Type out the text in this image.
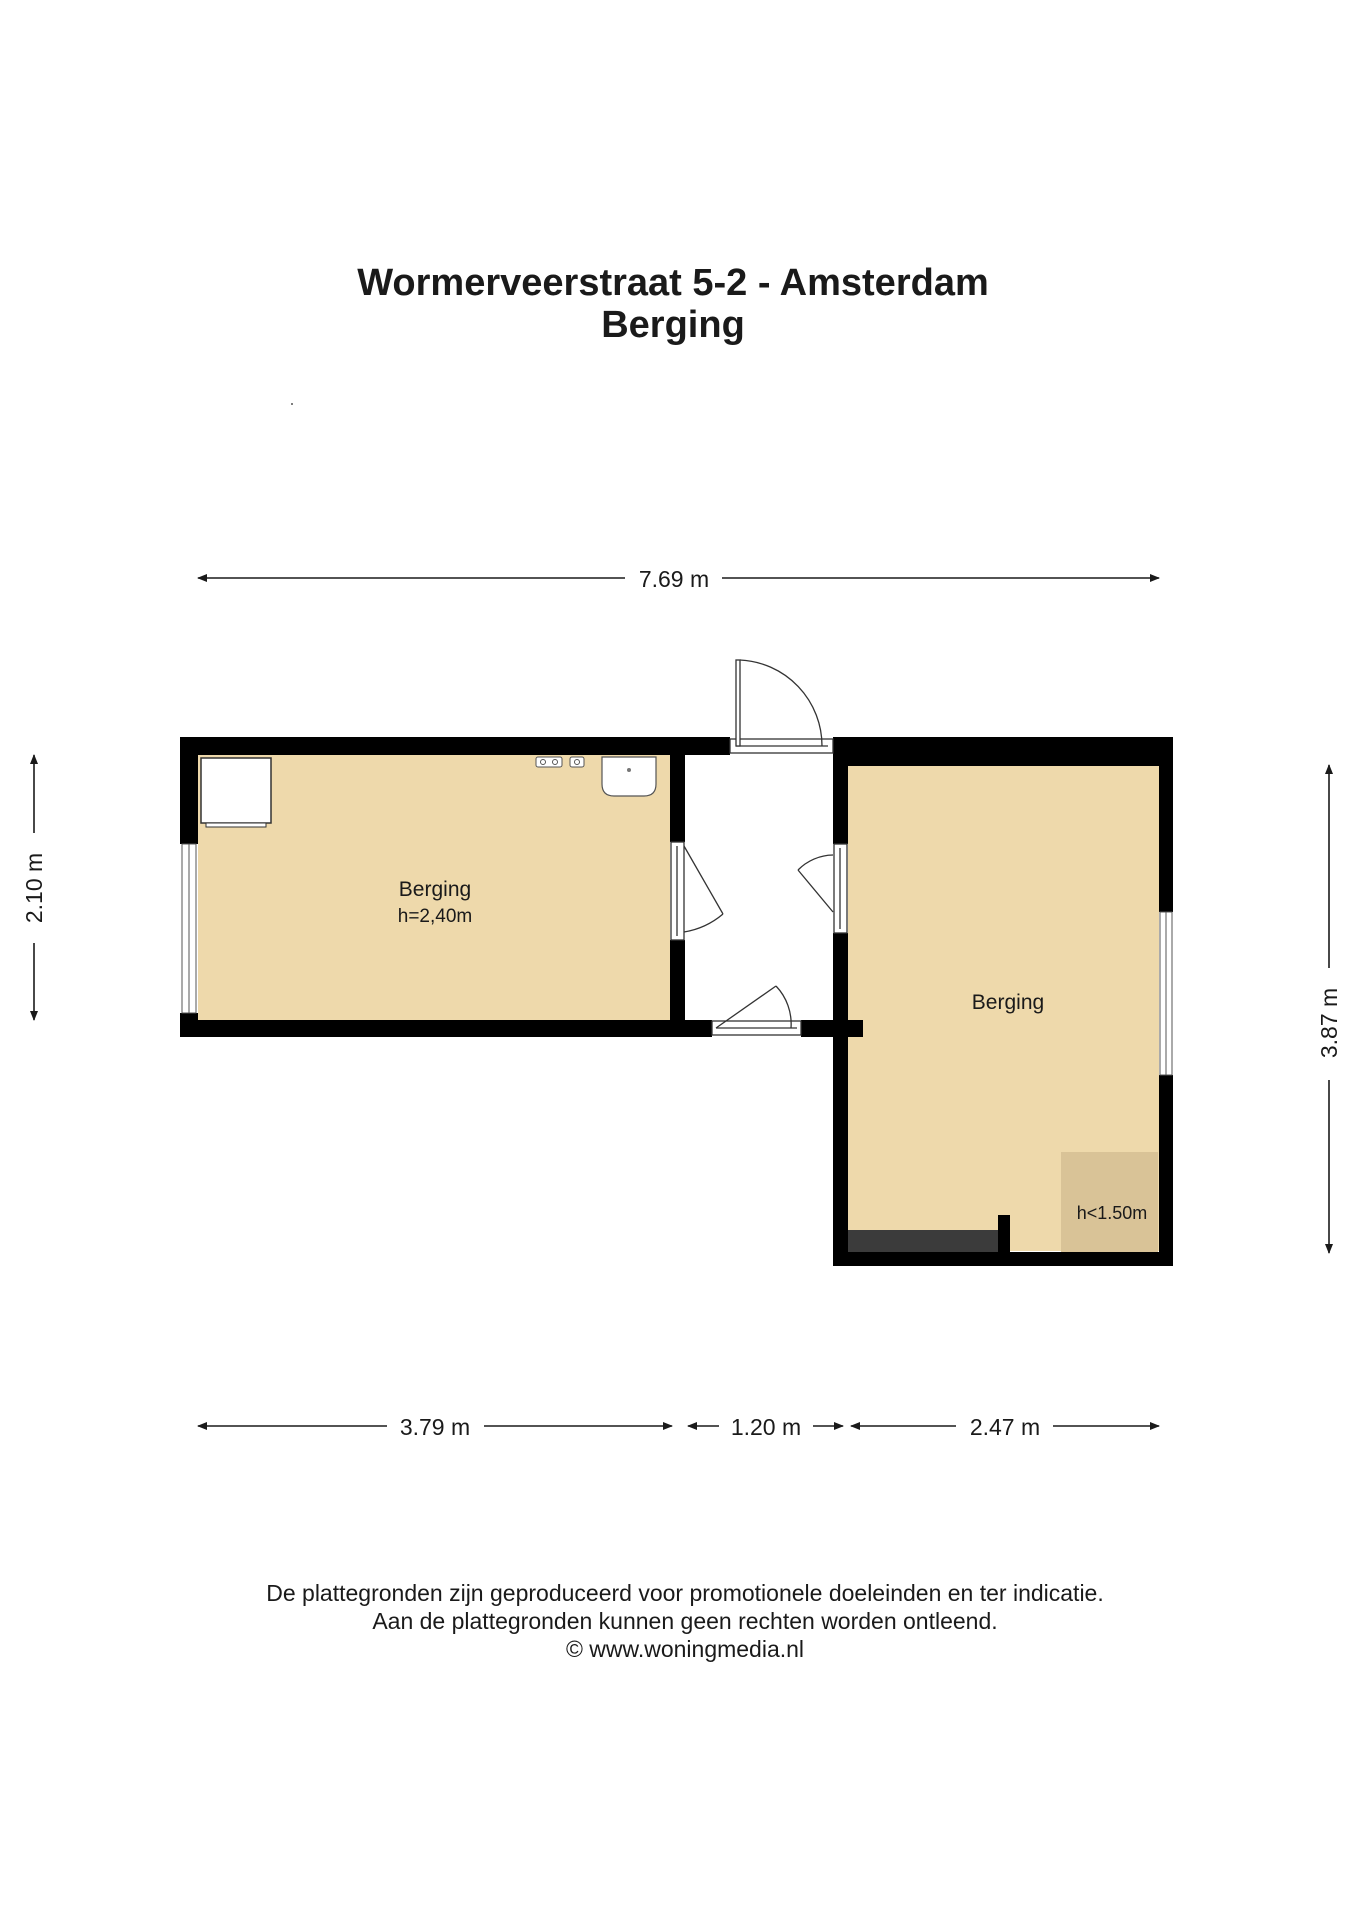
Wormerveerstraat 5-2 - Amsterdam
Berging
7.69 m
2.10 m
3.87 m
Berging
h=2,40m
Berging
h<1.50m
3.79 m	1.20 m	2.47 m
De plattegronden zijn geproduceerd voor promotionele doeleinden en ter indicatie.
Aan de plattegronden kunnen geen rechten worden ontleend.
© www.woningmedia.nl
